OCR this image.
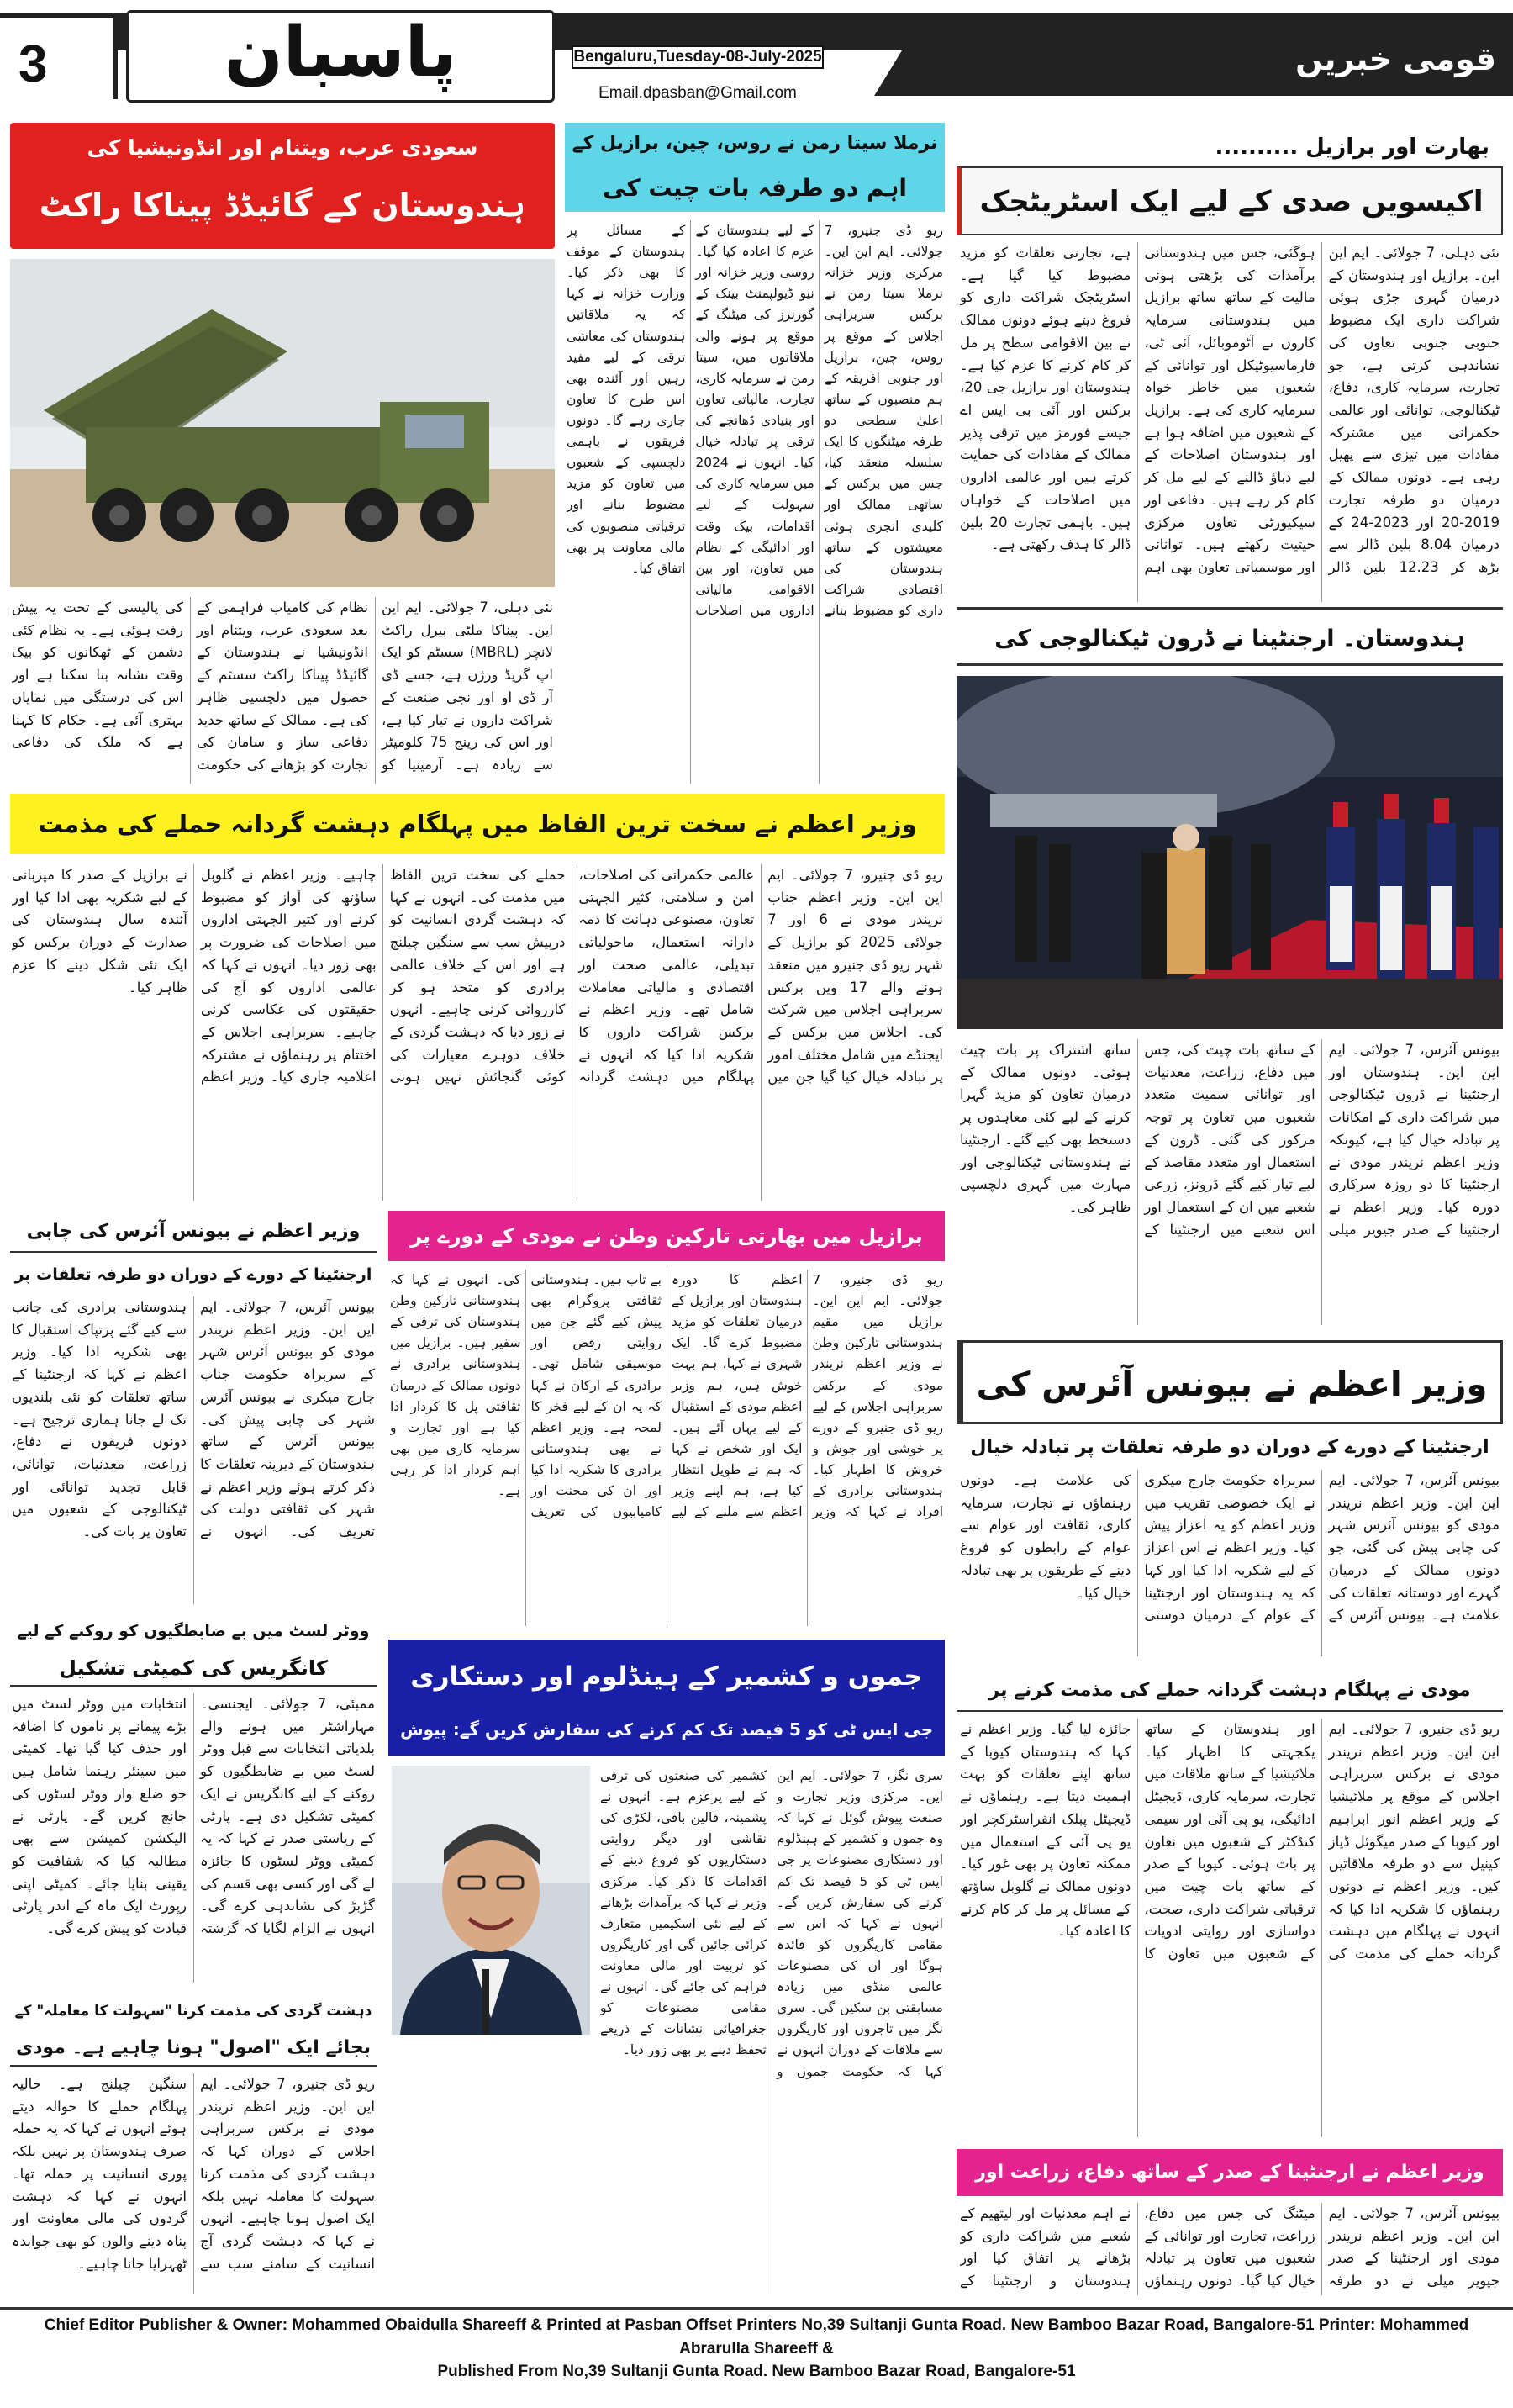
قومی خبریں
3	پاسبان	Bengaluru,Tuesday-08-July-2025
Email.dpasban@Gmail.com
بھارت اور برازیل ..........
اکیسویں صدی کے لیے ایک اسٹریٹجک
نئی دہلی، 7 جولائی۔ ایم این این۔ برازیل اور ہندوستان کے درمیان گہری جڑی ہوئی شراکت داری ایک مضبوط جنوبی جنوبی تعاون کی نشاندہی کرتی ہے، جو تجارت، سرمایہ کاری، دفاع، ٹیکنالوجی، توانائی اور عالمی حکمرانی میں مشترکہ مفادات میں تیزی سے پھیل رہی ہے۔ دونوں ممالک کے درمیان دو طرفہ تجارت 2019-20 اور 2023-24 کے درمیان 8.04 بلین ڈالر سے بڑھ کر 12.23 بلین ڈالر ہوگئی، جس میں ہندوستانی برآمدات کی بڑھتی ہوئی مالیت کے ساتھ ساتھ برازیل میں ہندوستانی سرمایہ کاروں نے آٹوموبائل، آئی ٹی، فارماسیوٹیکل اور توانائی کے شعبوں میں خاطر خواہ سرمایہ کاری کی ہے۔ برازیل کے شعبوں میں اضافہ ہوا ہے اور ہندوستان اصلاحات کے لیے دباؤ ڈالنے کے لیے مل کر کام کر رہے ہیں۔ دفاعی اور سیکیورٹی تعاون مرکزی حیثیت رکھتے ہیں۔ توانائی اور موسمیاتی تعاون بھی اہم ہے، تجارتی تعلقات کو مزید مضبوط کیا گیا ہے۔ اسٹریٹجک شراکت داری کو فروغ دیتے ہوئے دونوں ممالک نے بین الاقوامی سطح پر مل کر کام کرنے کا عزم کیا ہے۔ ہندوستان اور برازیل جی 20، برکس اور آئی بی ایس اے جیسے فورمز میں ترقی پذیر ممالک کے مفادات کی حمایت کرتے ہیں اور عالمی اداروں میں اصلاحات کے خواہاں ہیں۔ باہمی تجارت 20 بلین ڈالر کا ہدف رکھتی ہے۔
ہندوستان۔ ارجنٹینا نے ڈرون ٹیکنالوجی کی
بیونس آئرس، 7 جولائی۔ ایم این این۔ ہندوستان اور ارجنٹینا نے ڈرون ٹیکنالوجی میں شراکت داری کے امکانات پر تبادلہ خیال کیا ہے، کیونکہ وزیر اعظم نریندر مودی نے ارجنٹینا کا دو روزہ سرکاری دورہ کیا۔ وزیر اعظم نے ارجنٹینا کے صدر جیویر میلی کے ساتھ بات چیت کی، جس میں دفاع، زراعت، معدنیات اور توانائی سمیت متعدد شعبوں میں تعاون پر توجہ مرکوز کی گئی۔ ڈرون کے استعمال اور متعدد مقاصد کے لیے تیار کیے گئے ڈرونز، زرعی شعبے میں ان کے استعمال اور اس شعبے میں ارجنٹینا کے ساتھ اشتراک پر بات چیت ہوئی۔ دونوں ممالک کے درمیان تعاون کو مزید گہرا کرنے کے لیے کئی معاہدوں پر دستخط بھی کیے گئے۔ ارجنٹینا نے ہندوستانی ٹیکنالوجی اور مہارت میں گہری دلچسپی ظاہر کی۔
وزیر اعظم نے بیونس آئرس کی
ارجنٹینا کے دورے کے دوران دو طرفہ تعلقات پر تبادلہ خیال
بیونس آئرس، 7 جولائی۔ ایم این این۔ وزیر اعظم نریندر مودی کو بیونس آئرس شہر کی چابی پیش کی گئی، جو دونوں ممالک کے درمیان گہرے اور دوستانہ تعلقات کی علامت ہے۔ بیونس آئرس کے سربراہ حکومت جارج میکری نے ایک خصوصی تقریب میں وزیر اعظم کو یہ اعزاز پیش کیا۔ وزیر اعظم نے اس اعزاز کے لیے شکریہ ادا کیا اور کہا کہ یہ ہندوستان اور ارجنٹینا کے عوام کے درمیان دوستی کی علامت ہے۔ دونوں رہنماؤں نے تجارت، سرمایہ کاری، ثقافت اور عوام سے عوام کے رابطوں کو فروغ دینے کے طریقوں پر بھی تبادلہ خیال کیا۔
مودی نے پہلگام دہشت گردانہ حملے کی مذمت کرنے پر
ریو ڈی جنیرو، 7 جولائی۔ ایم این این۔ وزیر اعظم نریندر مودی نے برکس سربراہی اجلاس کے موقع پر ملائیشیا کے وزیر اعظم انور ابراہیم اور کیوبا کے صدر میگوئل ڈیاز کینیل سے دو طرفہ ملاقاتیں کیں۔ وزیر اعظم نے دونوں رہنماؤں کا شکریہ ادا کیا کہ انہوں نے پہلگام میں دہشت گردانہ حملے کی مذمت کی اور ہندوستان کے ساتھ یکجہتی کا اظہار کیا۔ ملائیشیا کے ساتھ ملاقات میں تجارت، سرمایہ کاری، ڈیجیٹل ادائیگی، یو پی آئی اور سیمی کنڈکٹر کے شعبوں میں تعاون پر بات ہوئی۔ کیوبا کے صدر کے ساتھ بات چیت میں ترقیاتی شراکت داری، صحت، دواسازی اور روایتی ادویات کے شعبوں میں تعاون کا جائزہ لیا گیا۔ وزیر اعظم نے کہا کہ ہندوستان کیوبا کے ساتھ اپنے تعلقات کو بہت اہمیت دیتا ہے۔ رہنماؤں نے ڈیجیٹل پبلک انفراسٹرکچر اور یو پی آئی کے استعمال میں ممکنہ تعاون پر بھی غور کیا۔ دونوں ممالک نے گلوبل ساؤتھ کے مسائل پر مل کر کام کرنے کا اعادہ کیا۔
وزیر اعظم نے ارجنٹینا کے صدر کے ساتھ دفاع، زراعت اور
بیونس آئرس، 7 جولائی۔ ایم این این۔ وزیر اعظم نریندر مودی اور ارجنٹینا کے صدر جیویر میلی نے دو طرفہ میٹنگ کی جس میں دفاع، زراعت، تجارت اور توانائی کے شعبوں میں تعاون پر تبادلہ خیال کیا گیا۔ دونوں رہنماؤں نے اہم معدنیات اور لیتھیم کے شعبے میں شراکت داری کو بڑھانے پر اتفاق کیا اور ہندوستان و ارجنٹینا کے
نرملا سیتا رمن نے روس، چین، برازیل کے
اہم دو طرفہ بات چیت کی
ریو ڈی جنیرو، 7 جولائی۔ ایم این این۔ مرکزی وزیر خزانہ نرملا سیتا رمن نے برکس سربراہی اجلاس کے موقع پر روس، چین، برازیل اور جنوبی افریقہ کے ہم منصبوں کے ساتھ اعلیٰ سطحی دو طرفہ میٹنگوں کا ایک سلسلہ منعقد کیا، جس میں برکس کے ساتھی ممالک اور کلیدی انجری ہوئی معیشتوں کے ساتھ ہندوستان کی اقتصادی شراکت داری کو مضبوط بنانے کے لیے ہندوستان کے عزم کا اعادہ کیا گیا۔ روسی وزیر خزانہ اور نیو ڈیولپمنٹ بینک کے گورنرز کی میٹنگ کے موقع پر ہونے والی ملاقاتوں میں، سیتا رمن نے سرمایہ کاری، تجارت، مالیاتی تعاون اور بنیادی ڈھانچے کی ترقی پر تبادلہ خیال کیا۔ انہوں نے 2024 میں سرمایہ کاری کی سہولت کے لیے اقدامات، بیک وقت اور ادائیگی کے نظام میں تعاون، اور بین الاقوامی مالیاتی اداروں میں اصلاحات کے مسائل پر ہندوستان کے موقف کا بھی ذکر کیا۔ وزارت خزانہ نے کہا کہ یہ ملاقاتیں ہندوستان کی معاشی ترقی کے لیے مفید رہیں اور آئندہ بھی اس طرح کا تعاون جاری رہے گا۔ دونوں فریقوں نے باہمی دلچسپی کے شعبوں میں تعاون کو مزید مضبوط بنانے اور ترقیاتی منصوبوں کی مالی معاونت پر بھی اتفاق کیا۔
سعودی عرب، ویتنام اور انڈونیشیا کی
ہندوستان کے گائیڈڈ پیناکا راکٹ
نئی دہلی، 7 جولائی۔ ایم این این۔ پیناکا ملٹی بیرل راکٹ لانچر (MBRL) سسٹم کو ایک اپ گریڈ ورژن ہے، جسے ڈی آر ڈی او اور نجی صنعت کے شراکت داروں نے تیار کیا ہے، اور اس کی رینج 75 کلومیٹر سے زیادہ ہے۔ آرمینیا کو نظام کی کامیاب فراہمی کے بعد سعودی عرب، ویتنام اور انڈونیشیا نے ہندوستان کے گائیڈڈ پیناکا راکٹ سسٹم کے حصول میں دلچسپی ظاہر کی ہے۔ ممالک کے ساتھ جدید دفاعی ساز و سامان کی تجارت کو بڑھانے کی حکومت کی پالیسی کے تحت یہ پیش رفت ہوئی ہے۔ یہ نظام کئی دشمن کے ٹھکانوں کو بیک وقت نشانہ بنا سکتا ہے اور اس کی درستگی میں نمایاں بہتری آئی ہے۔ حکام کا کہنا ہے کہ ملک کی دفاعی
وزیر اعظم نے سخت ترین الفاظ میں پہلگام دہشت گردانہ حملے کی مذمت
ریو ڈی جنیرو، 7 جولائی۔ ایم این این۔ وزیر اعظم جناب نریندر مودی نے 6 اور 7 جولائی 2025 کو برازیل کے شہر ریو ڈی جنیرو میں منعقد ہونے والے 17 ویں برکس سربراہی اجلاس میں شرکت کی۔ اجلاس میں برکس کے ایجنڈے میں شامل مختلف امور پر تبادلہ خیال کیا گیا جن میں عالمی حکمرانی کی اصلاحات، امن و سلامتی، کثیر الجہتی تعاون، مصنوعی ذہانت کا ذمہ دارانہ استعمال، ماحولیاتی تبدیلی، عالمی صحت اور اقتصادی و مالیاتی معاملات شامل تھے۔ وزیر اعظم نے برکس شراکت داروں کا شکریہ ادا کیا کہ انہوں نے پہلگام میں دہشت گردانہ حملے کی سخت ترین الفاظ میں مذمت کی۔ انہوں نے کہا کہ دہشت گردی انسانیت کو درپیش سب سے سنگین چیلنج ہے اور اس کے خلاف عالمی برادری کو متحد ہو کر کارروائی کرنی چاہیے۔ انہوں نے زور دیا کہ دہشت گردی کے خلاف دوہرے معیارات کی کوئی گنجائش نہیں ہونی چاہیے۔ وزیر اعظم نے گلوبل ساؤتھ کی آواز کو مضبوط کرنے اور کثیر الجہتی اداروں میں اصلاحات کی ضرورت پر بھی زور دیا۔ انہوں نے کہا کہ عالمی اداروں کو آج کی حقیقتوں کی عکاسی کرنی چاہیے۔ سربراہی اجلاس کے اختتام پر رہنماؤں نے مشترکہ اعلامیہ جاری کیا۔ وزیر اعظم نے برازیل کے صدر کا میزبانی کے لیے شکریہ بھی ادا کیا اور آئندہ سال ہندوستان کی صدارت کے دوران برکس کو ایک نئی شکل دینے کا عزم ظاہر کیا۔
وزیر اعظم نے بیونس آئرس کی چابی
ارجنٹینا کے دورے کے دوران دو طرفہ تعلقات پر
بیونس آئرس، 7 جولائی۔ ایم این این۔ وزیر اعظم نریندر مودی کو بیونس آئرس شہر کے سربراہ حکومت جناب جارج میکری نے بیونس آئرس شہر کی چابی پیش کی۔ بیونس آئرس کے ساتھ ہندوستان کے دیرینہ تعلقات کا ذکر کرتے ہوئے وزیر اعظم نے شہر کی ثقافتی دولت کی تعریف کی۔ انہوں نے ہندوستانی برادری کی جانب سے کیے گئے پرتپاک استقبال کا بھی شکریہ ادا کیا۔ وزیر اعظم نے کہا کہ ارجنٹینا کے ساتھ تعلقات کو نئی بلندیوں تک لے جانا ہماری ترجیح ہے۔ دونوں فریقوں نے دفاع، زراعت، معدنیات، توانائی، قابل تجدید توانائی اور ٹیکنالوجی کے شعبوں میں تعاون پر بات کی۔
برازیل میں بھارتی تارکین وطن نے مودی کے دورے پر
ریو ڈی جنیرو، 7 جولائی۔ ایم این این۔ برازیل میں مقیم ہندوستانی تارکین وطن نے وزیر اعظم نریندر مودی کے برکس سربراہی اجلاس کے لیے ریو ڈی جنیرو کے دورے پر خوشی اور جوش و خروش کا اظہار کیا۔ ہندوستانی برادری کے افراد نے کہا کہ وزیر اعظم کا دورہ ہندوستان اور برازیل کے درمیان تعلقات کو مزید مضبوط کرے گا۔ ایک شہری نے کہا، ہم بہت خوش ہیں، ہم وزیر اعظم مودی کے استقبال کے لیے یہاں آئے ہیں۔ ایک اور شخص نے کہا کہ ہم نے طویل انتظار کیا ہے، ہم اپنے وزیر اعظم سے ملنے کے لیے بے تاب ہیں۔ ہندوستانی ثقافتی پروگرام بھی پیش کیے گئے جن میں روایتی رقص اور موسیقی شامل تھی۔ برادری کے ارکان نے کہا کہ یہ ان کے لیے فخر کا لمحہ ہے۔ وزیر اعظم نے بھی ہندوستانی برادری کا شکریہ ادا کیا اور ان کی محنت اور کامیابیوں کی تعریف کی۔ انہوں نے کہا کہ ہندوستانی تارکین وطن ہندوستان کی ترقی کے سفیر ہیں۔ برازیل میں ہندوستانی برادری نے دونوں ممالک کے درمیان ثقافتی پل کا کردار ادا کیا ہے اور تجارت و سرمایہ کاری میں بھی اہم کردار ادا کر رہی ہے۔
ووٹر لسٹ میں بے ضابطگیوں کو روکنے کے لیے
کانگریس کی کمیٹی تشکیل
ممبئی، 7 جولائی۔ ایجنسی۔ مہاراشٹر میں ہونے والے بلدیاتی انتخابات سے قبل ووٹر لسٹ میں بے ضابطگیوں کو روکنے کے لیے کانگریس نے ایک کمیٹی تشکیل دی ہے۔ پارٹی کے ریاستی صدر نے کہا کہ یہ کمیٹی ووٹر لسٹوں کا جائزہ لے گی اور کسی بھی قسم کی گڑبڑ کی نشاندہی کرے گی۔ انہوں نے الزام لگایا کہ گزشتہ انتخابات میں ووٹر لسٹ میں بڑے پیمانے پر ناموں کا اضافہ اور حذف کیا گیا تھا۔ کمیٹی میں سینئر رہنما شامل ہیں جو ضلع وار ووٹر لسٹوں کی جانچ کریں گے۔ پارٹی نے الیکشن کمیشن سے بھی مطالبہ کیا کہ شفافیت کو یقینی بنایا جائے۔ کمیٹی اپنی رپورٹ ایک ماہ کے اندر پارٹی قیادت کو پیش کرے گی۔
دہشت گردی کی مذمت کرنا "سہولت کا معاملہ" کے
بجائے ایک "اصول" ہونا چاہیے ہے۔ مودی
ریو ڈی جنیرو، 7 جولائی۔ ایم این این۔ وزیر اعظم نریندر مودی نے برکس سربراہی اجلاس کے دوران کہا کہ دہشت گردی کی مذمت کرنا سہولت کا معاملہ نہیں بلکہ ایک اصول ہونا چاہیے۔ انہوں نے کہا کہ دہشت گردی آج انسانیت کے سامنے سب سے سنگین چیلنج ہے۔ حالیہ پہلگام حملے کا حوالہ دیتے ہوئے انہوں نے کہا کہ یہ حملہ صرف ہندوستان پر نہیں بلکہ پوری انسانیت پر حملہ تھا۔ انہوں نے کہا کہ دہشت گردوں کی مالی معاونت اور پناہ دینے والوں کو بھی جوابدہ ٹھہرایا جانا چاہیے۔
جموں و کشمیر کے ہینڈلوم اور دستکاری
جی ایس ٹی کو 5 فیصد تک کم کرنے کی سفارش کریں گے: پیوش
سری نگر، 7 جولائی۔ ایم این این۔ مرکزی وزیر تجارت و صنعت پیوش گوئل نے کہا کہ وہ جموں و کشمیر کے ہینڈلوم اور دستکاری مصنوعات پر جی ایس ٹی کو 5 فیصد تک کم کرنے کی سفارش کریں گے۔ انہوں نے کہا کہ اس سے مقامی کاریگروں کو فائدہ ہوگا اور ان کی مصنوعات عالمی منڈی میں زیادہ مسابقتی بن سکیں گی۔ سری نگر میں تاجروں اور کاریگروں سے ملاقات کے دوران انہوں نے کہا کہ حکومت جموں و کشمیر کی صنعتوں کی ترقی کے لیے پرعزم ہے۔ انہوں نے پشمینہ، قالین بافی، لکڑی کی نقاشی اور دیگر روایتی دستکاریوں کو فروغ دینے کے اقدامات کا ذکر کیا۔ مرکزی وزیر نے کہا کہ برآمدات بڑھانے کے لیے نئی اسکیمیں متعارف کرائی جائیں گی اور کاریگروں کو تربیت اور مالی معاونت فراہم کی جائے گی۔ انہوں نے مقامی مصنوعات کو جغرافیائی نشانات کے ذریعے تحفظ دینے پر بھی زور دیا۔
Chief Editor Publisher & Owner: Mohammed Obaidulla Shareeff & Printed at Pasban Offset Printers No,39 Sultanji Gunta Road. New Bamboo Bazar Road, Bangalore-51 Printer: Mohammed Abrarulla Shareeff &
Published From No,39 Sultanji Gunta Road. New Bamboo Bazar Road, Bangalore-51
